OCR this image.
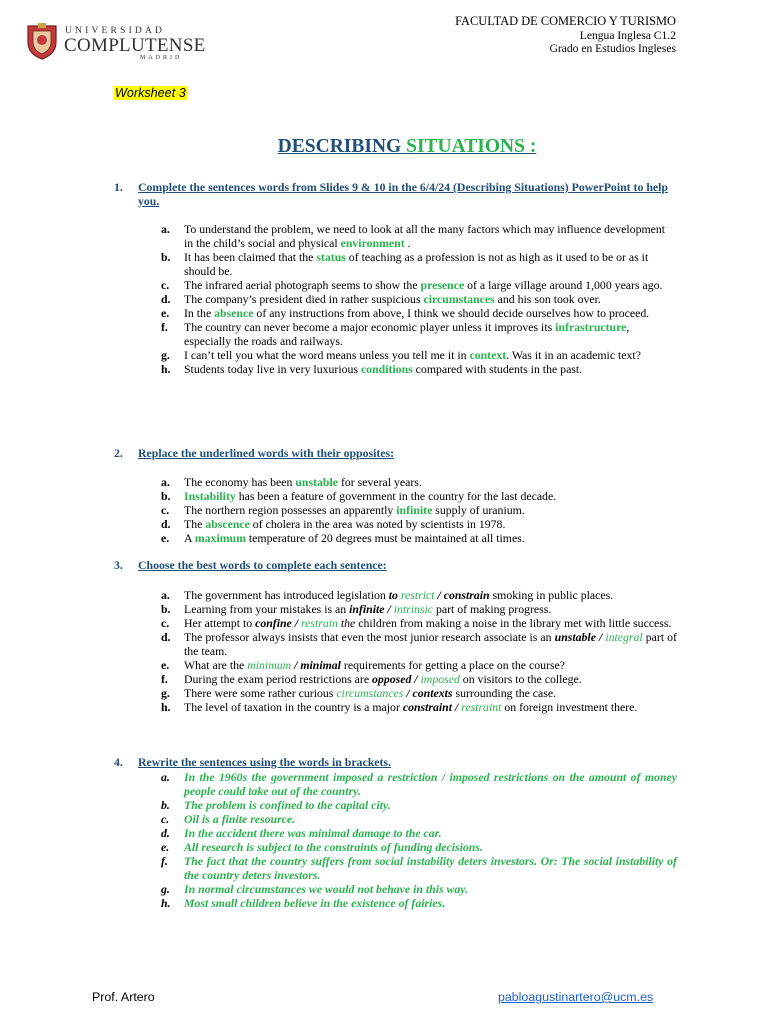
UNIVERSIDAD
COMPLUTENSE
MADRID
FACULTAD DE COMERCIO Y TURISMO
Lengua Inglesa C1.2
Grado en Estudios Ingleses
Worksheet 3
DESCRIBING SITUATIONS :
1. Complete the sentences words from Slides 9 & 10 in the 6/4/24 (Describing Situations) PowerPoint to help you.
a. To understand the problem, we need to look at all the many factors which may influence development in the child’s social and physical environment .
b. It has been claimed that the status of teaching as a profession is not as high as it used to be or as it should be.
c. The infrared aerial photograph seems to show the presence of a large village around 1,000 years ago.
d. The company’s president died in rather suspicious circumstances and his son took over.
e. In the absence of any instructions from above, I think we should decide ourselves how to proceed.
f. The country can never become a major economic player unless it improves its infrastructure, especially the roads and railways.
g. I can’t tell you what the word means unless you tell me it in context. Was it in an academic text?
h. Students today live in very luxurious conditions compared with students in the past.
2. Replace the underlined words with their opposites:
a. The economy has been unstable for several years.
b. Instability has been a feature of government in the country for the last decade.
c. The northern region possesses an apparently infinite supply of uranium.
d. The abscence of cholera in the area was noted by scientists in 1978.
e. A maximum temperature of 20 degrees must be maintained at all times.
3. Choose the best words to complete each sentence:
a. The government has introduced legislation to restrict / constrain smoking in public places.
b. Learning from your mistakes is an infinite / intrinsic part of making progress.
c. Her attempt to confine / restrain the children from making a noise in the library met with little success.
d. The professor always insists that even the most junior research associate is an unstable / integral part of the team.
e. What are the minimum / minimal requirements for getting a place on the course?
f. During the exam period restrictions are opposed / imposed on visitors to the college.
g. There were some rather curious circumstances / contexts surrounding the case.
h. The level of taxation in the country is a major constraint / restraint on foreign investment there.
4. Rewrite the sentences using the words in brackets.
a. In the 1960s the government imposed a restriction / imposed restrictions on the amount of money people could take out of the country.
b. The problem is confined to the capital city.
c. Oil is a finite resource.
d. In the accident there was minimal damage to the car.
e. All research is subject to the constraints of funding decisions.
f. The fact that the country suffers from social instability deters investors. Or: The social instability of the country deters investors.
g. In normal circumstances we would not behave in this way.
h. Most small children believe in the existence of fairies.
Prof. Artero	pabloagustinartero@ucm.es
